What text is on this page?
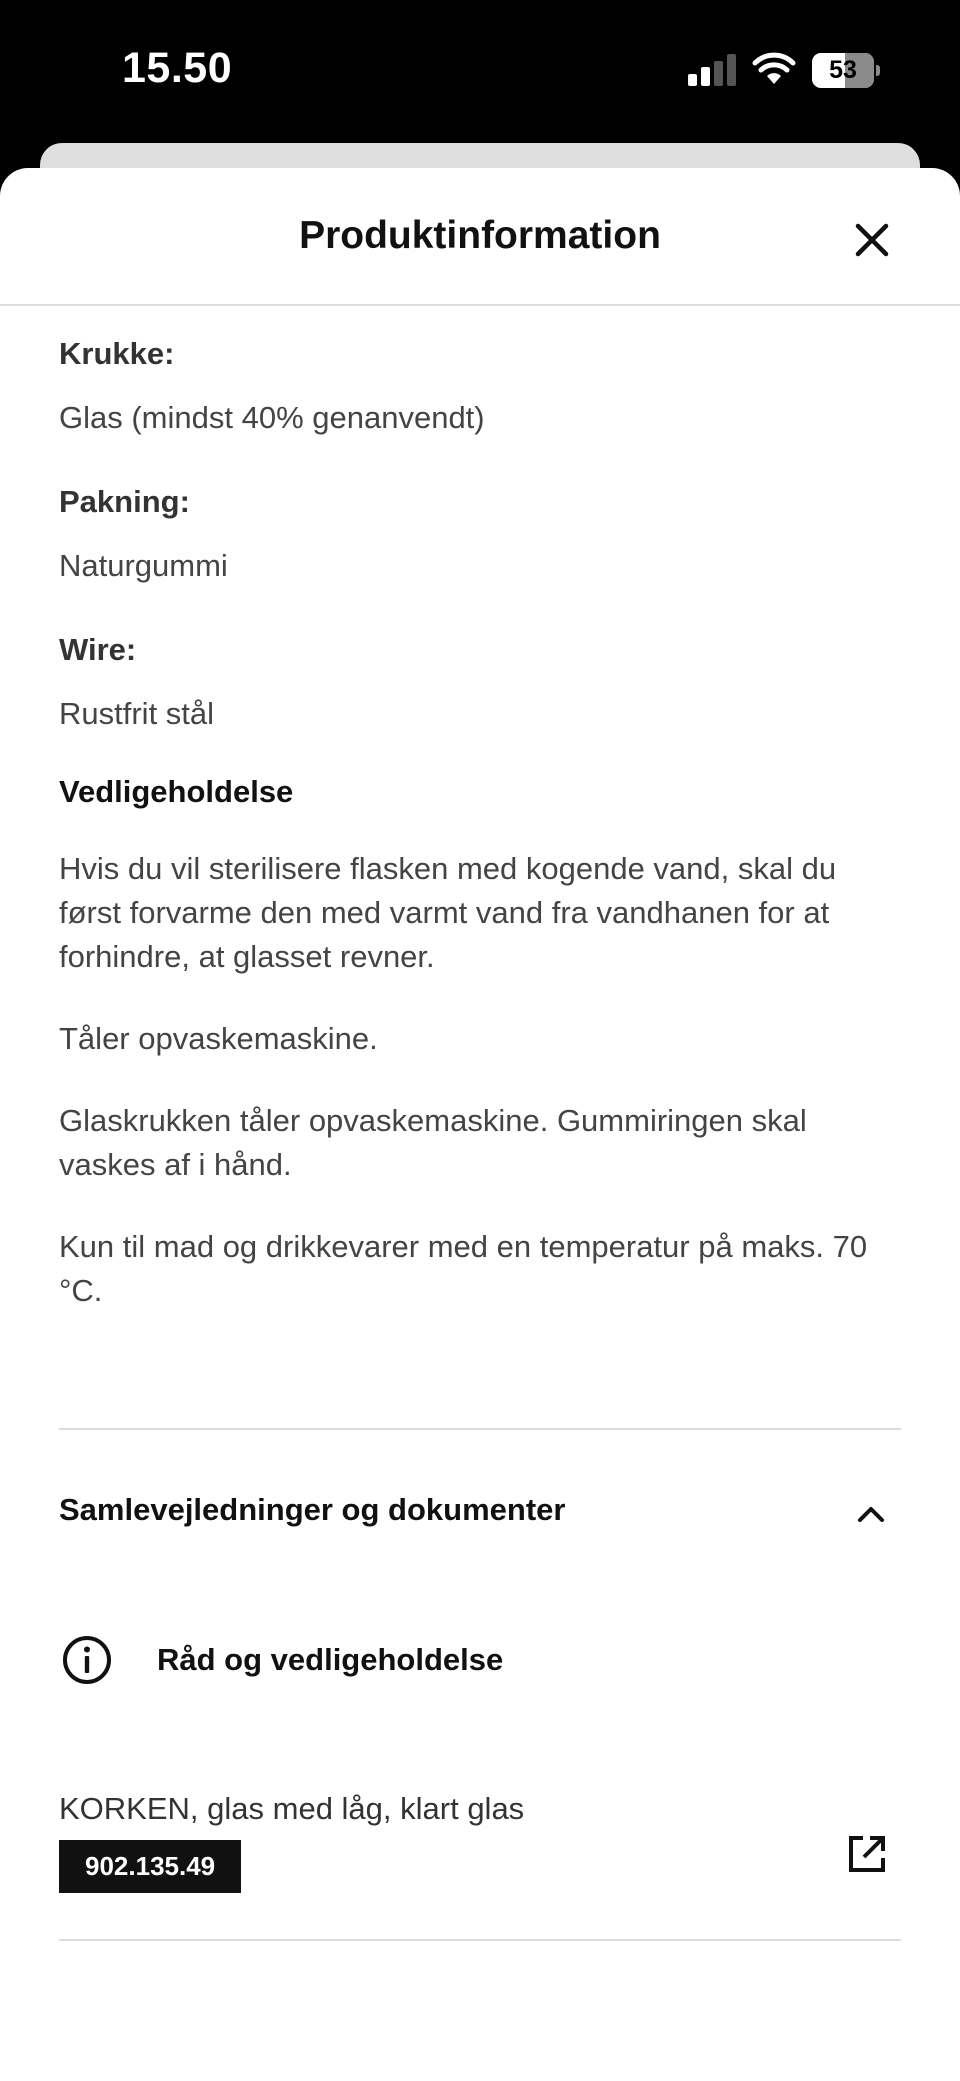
15.50	53
Produktinformation
Krukke:
Glas (mindst 40% genanvendt)
Pakning:
Naturgummi
Wire:
Rustfrit stål
Vedligeholdelse

Hvis du vil sterilisere flasken med kogende vand, skal du først forvarme den med varmt vand fra vandhanen for at forhindre, at glasset revner.

Tåler opvaskemaskine.

Glaskrukken tåler opvaskemaskine. Gummiringen skal vaskes af i hånd.

Kun til mad og drikkevarer med en temperatur på maks. 70 °C.

Samlevejledninger og dokumenter
Råd og vedligeholdelse
KORKEN, glas med låg, klart glas
902.135.49
